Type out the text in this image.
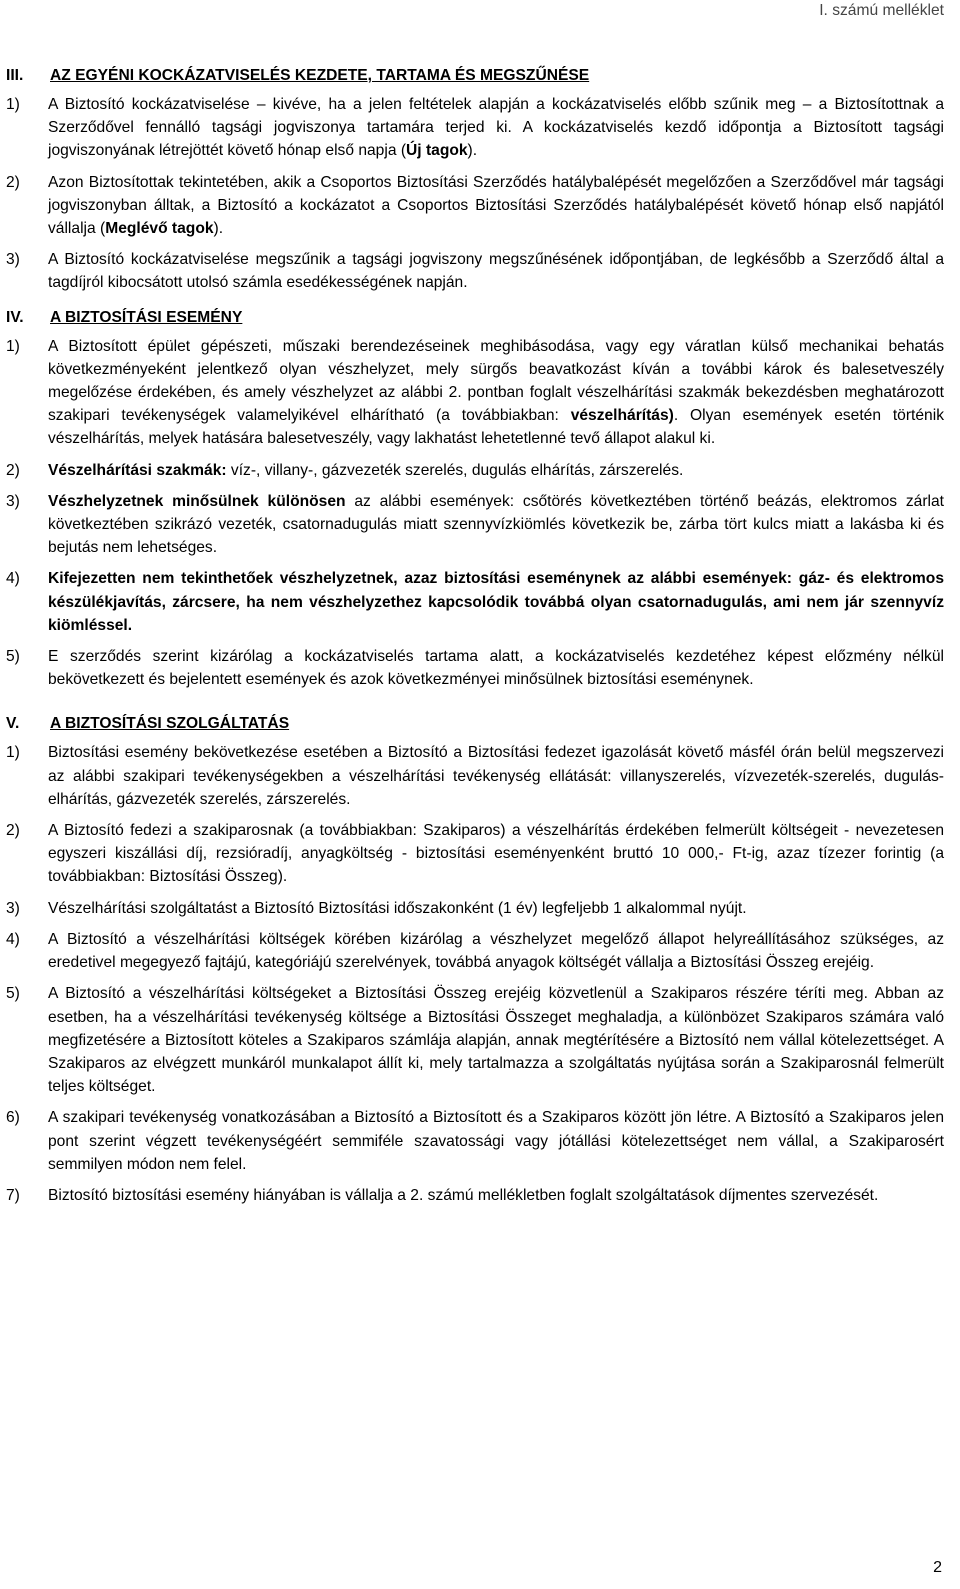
I. számú melléklet
III.	AZ EGYÉNI KOCKÁZATVISELÉS KEZDETE, TARTAMA ÉS MEGSZŰNÉSE
1)	A Biztosító kockázatviselése – kivéve, ha a jelen feltételek alapján a kockázatviselés előbb szűnik meg – a Biztosítottnak a Szerződővel fennálló tagsági jogviszonya tartamára terjed ki. A kockázatviselés kezdő időpontja a Biztosított tagsági jogviszonyának létrejöttét követő hónap első napja (Új tagok).
2)	Azon Biztosítottak tekintetében, akik a Csoportos Biztosítási Szerződés hatálybalépését megelőzően a Szerződővel már tagsági jogviszonyban álltak, a Biztosító a kockázatot a Csoportos Biztosítási Szerződés hatálybalépését követő hónap első napjától vállalja (Meglévő tagok).
3)	A Biztosító kockázatviselése megszűnik a tagsági jogviszony megszűnésének időpontjában, de legkésőbb a Szerződő által a tagdíjról kibocsátott utolsó számla esedékességének napján.
IV.	A BIZTOSÍTÁSI ESEMÉNY
1)	A Biztosított épület gépészeti, műszaki berendezéseinek meghibásodása, vagy egy váratlan külső mechanikai behatás következményeként jelentkező olyan vészhelyzet, mely sürgős beavatkozást kíván a további károk és balesetveszély megelőzése érdekében, és amely vészhelyzet az alábbi 2. pontban foglalt vészelhárítási szakmák bekezdésben meghatározott szakipari tevékenységek valamelyikével elhárítható (a továbbiakban: vészelhárítás). Olyan események esetén történik vészelhárítás, melyek hatására balesetveszély, vagy lakhatást lehetetlenné tevő állapot alakul ki.
2)	Vészelhárítási szakmák: víz-, villany-, gázvezeték szerelés, dugulás elhárítás, zárszerelés.
3)	Vészhelyzetnek minősülnek különösen az alábbi események: csőtörés következtében történő beázás, elektromos zárlat következtében szikrázó vezeték, csatornadugulás miatt szennyvízkiömlés következik be, zárba tört kulcs miatt a lakásba ki és bejutás nem lehetséges.
4)	Kifejezetten nem tekinthetőek vészhelyzetnek, azaz biztosítási eseménynek az alábbi események: gáz- és elektromos készülékjavítás, zárcsere, ha nem vészhelyzethez kapcsolódik továbbá olyan csatornadugulás, ami nem jár szennyvíz kiömléssel.
5)	E szerződés szerint kizárólag a kockázatviselés tartama alatt, a kockázatviselés kezdetéhez képest előzmény nélkül bekövetkezett és bejelentett események és azok következményei minősülnek biztosítási eseménynek.
V.	A BIZTOSÍTÁSI SZOLGÁLTATÁS
1)	Biztosítási esemény bekövetkezése esetében a Biztosító a Biztosítási fedezet igazolását követő másfél órán belül megszervezi az alábbi szakipari tevékenységekben a vészelhárítási tevékenység ellátását: villanyszerelés, vízvezeték-szerelés, dugulás-elhárítás, gázvezeték szerelés, zárszerelés.
2)	A Biztosító fedezi a szakiparosnak (a továbbiakban: Szakiparos) a vészelhárítás érdekében felmerült költségeit - nevezetesen egyszeri kiszállási díj, rezsióradíj, anyagköltség - biztosítási eseményenként bruttó 10 000,- Ft-ig, azaz tízezer forintig (a továbbiakban: Biztosítási Összeg).
3)	Vészelhárítási szolgáltatást a Biztosító Biztosítási időszakonként (1 év) legfeljebb 1 alkalommal nyújt.
4)	A Biztosító a vészelhárítási költségek körében kizárólag a vészhelyzet megelőző állapot helyreállításához szükséges, az eredetivel megegyező fajtájú, kategóriájú szerelvények, továbbá anyagok költségét vállalja a Biztosítási Összeg erejéig.
5)	A Biztosító a vészelhárítási költségeket a Biztosítási Összeg erejéig közvetlenül a Szakiparos részére téríti meg. Abban az esetben, ha a vészelhárítási tevékenység költsége a Biztosítási Összeget meghaladja, a különbözet Szakiparos számára való megfizetésére a Biztosított köteles a Szakiparos számlája alapján, annak megtérítésére a Biztosító nem vállal kötelezettséget. A Szakiparos az elvégzett munkáról munkalapot állít ki, mely tartalmazza a szolgáltatás nyújtása során a Szakiparosnál felmerült teljes költséget.
6)	A szakipari tevékenység vonatkozásában a Biztosító a Biztosított és a Szakiparos között jön létre. A Biztosító a Szakiparos jelen pont szerint végzett tevékenységéért semmiféle szavatossági vagy jótállási kötelezettséget nem vállal, a Szakiparosért semmilyen módon nem felel.
7)	Biztosító biztosítási esemény hiányában is vállalja a 2. számú mellékletben foglalt szolgáltatások díjmentes szervezését.
2
